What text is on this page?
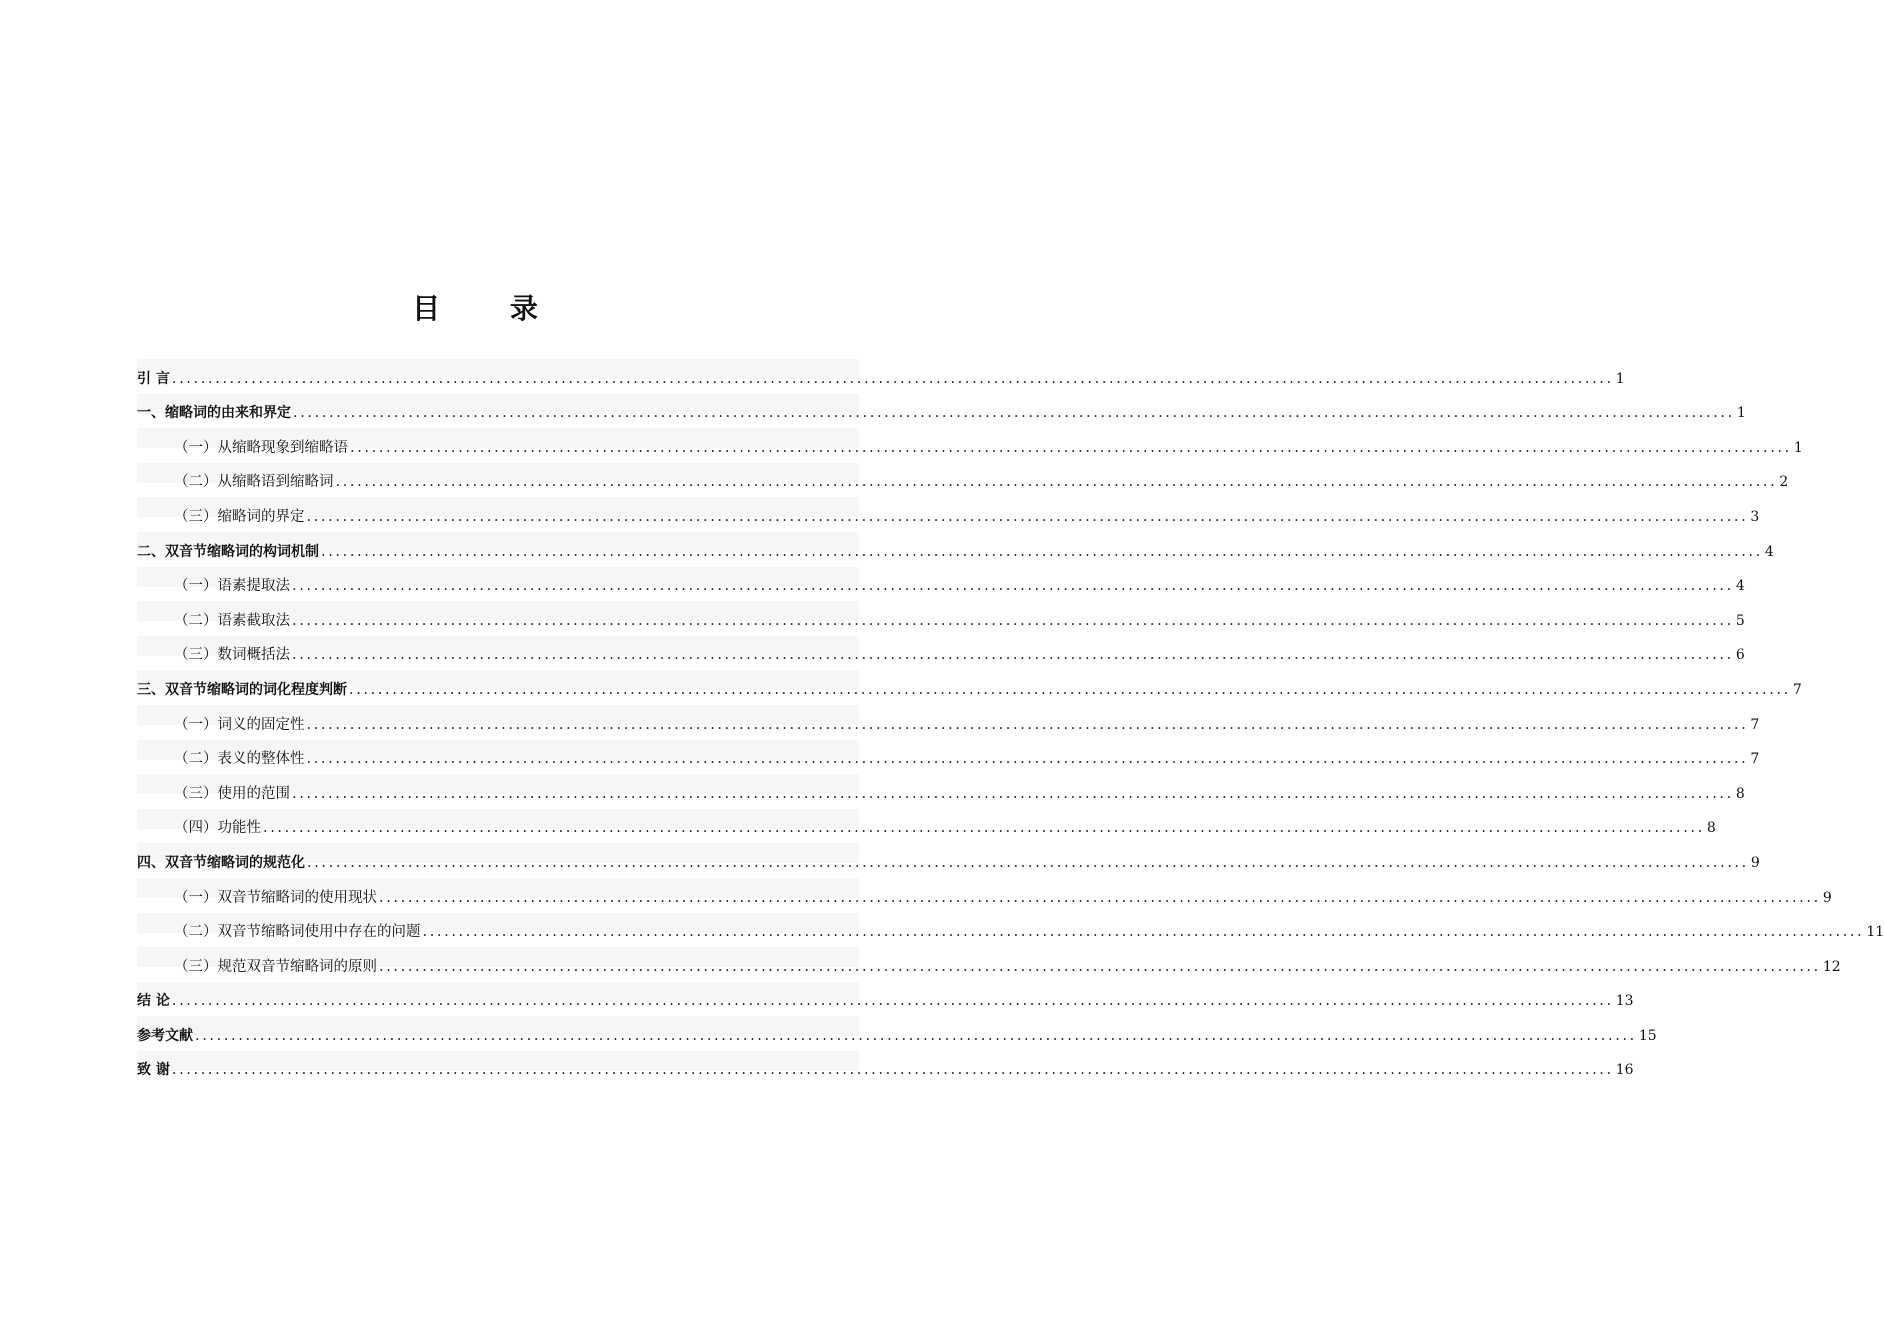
目 录
引 言 ........................................................................................................................................................................................................ 1
一、缩略词的由来和界定 ........................................................................................................................................................................................................ 1
（一）从缩略现象到缩略语 ........................................................................................................................................................................................................ 1
（二）从缩略语到缩略词 ........................................................................................................................................................................................................ 2
（三）缩略词的界定 ........................................................................................................................................................................................................ 3
二、双音节缩略词的构词机制 ........................................................................................................................................................................................................ 4
（一）语素提取法 ........................................................................................................................................................................................................ 4
（二）语素截取法 ........................................................................................................................................................................................................ 5
（三）数词概括法 ........................................................................................................................................................................................................ 6
三、双音节缩略词的词化程度判断 ........................................................................................................................................................................................................ 7
（一）词义的固定性 ........................................................................................................................................................................................................ 7
（二）表义的整体性 ........................................................................................................................................................................................................ 7
（三）使用的范围 ........................................................................................................................................................................................................ 8
（四）功能性 ........................................................................................................................................................................................................ 8
四、双音节缩略词的规范化 ........................................................................................................................................................................................................ 9
（一）双音节缩略词的使用现状 ........................................................................................................................................................................................................ 9
（二）双音节缩略词使用中存在的问题 ........................................................................................................................................................................................................ 11
（三）规范双音节缩略词的原则 ........................................................................................................................................................................................................ 12
结 论 ........................................................................................................................................................................................................ 13
参考文献 ........................................................................................................................................................................................................ 15
致 谢 ........................................................................................................................................................................................................ 16
